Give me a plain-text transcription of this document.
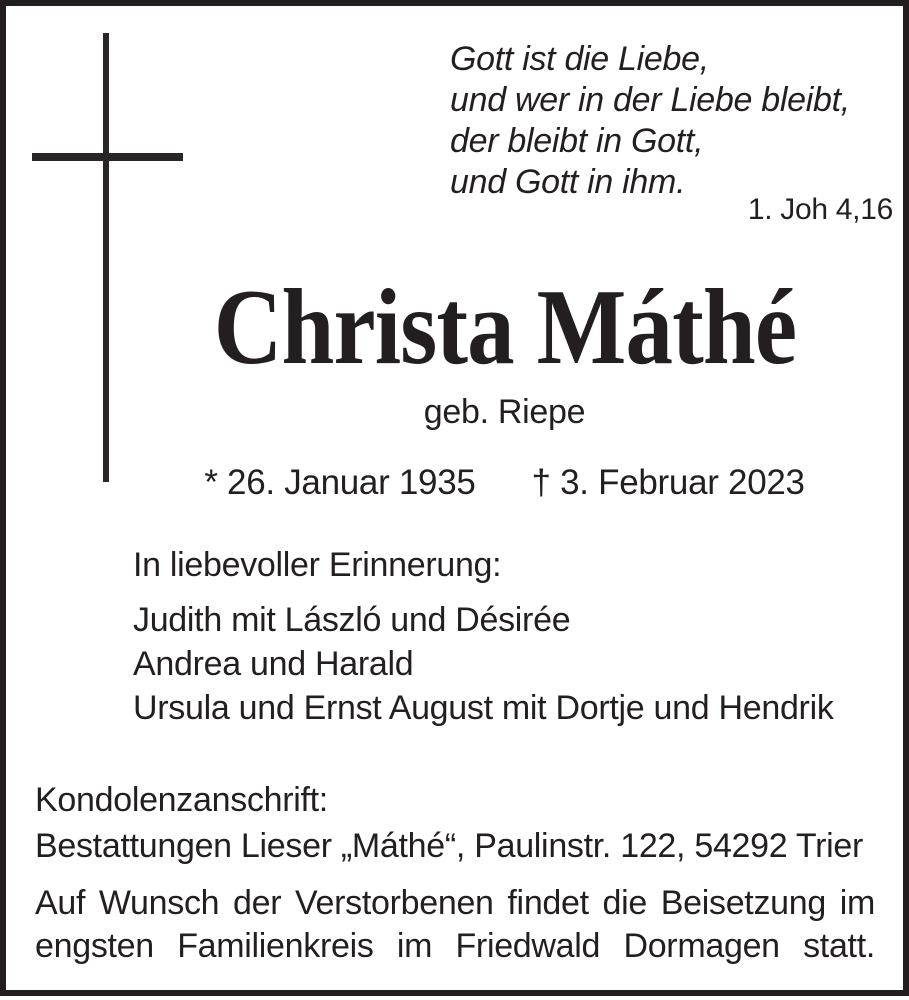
Gott ist die Liebe,
und wer in der Liebe bleibt,
der bleibt in Gott,
und Gott in ihm.
1. Joh 4,16
Christa Máthé
geb. Riepe
* 26. Januar 1935 † 3. Februar 2023
In liebevoller Erinnerung:
Judith mit László und Désirée
Andrea und Harald
Ursula und Ernst August mit Dortje und Hendrik
Kondolenzanschrift:
Bestattungen Lieser „Máthé“, Paulinstr. 122, 54292 Trier
Auf Wunsch der Verstorbenen findet die Beisetzung im
engsten Familienkreis im Friedwald Dormagen statt.
